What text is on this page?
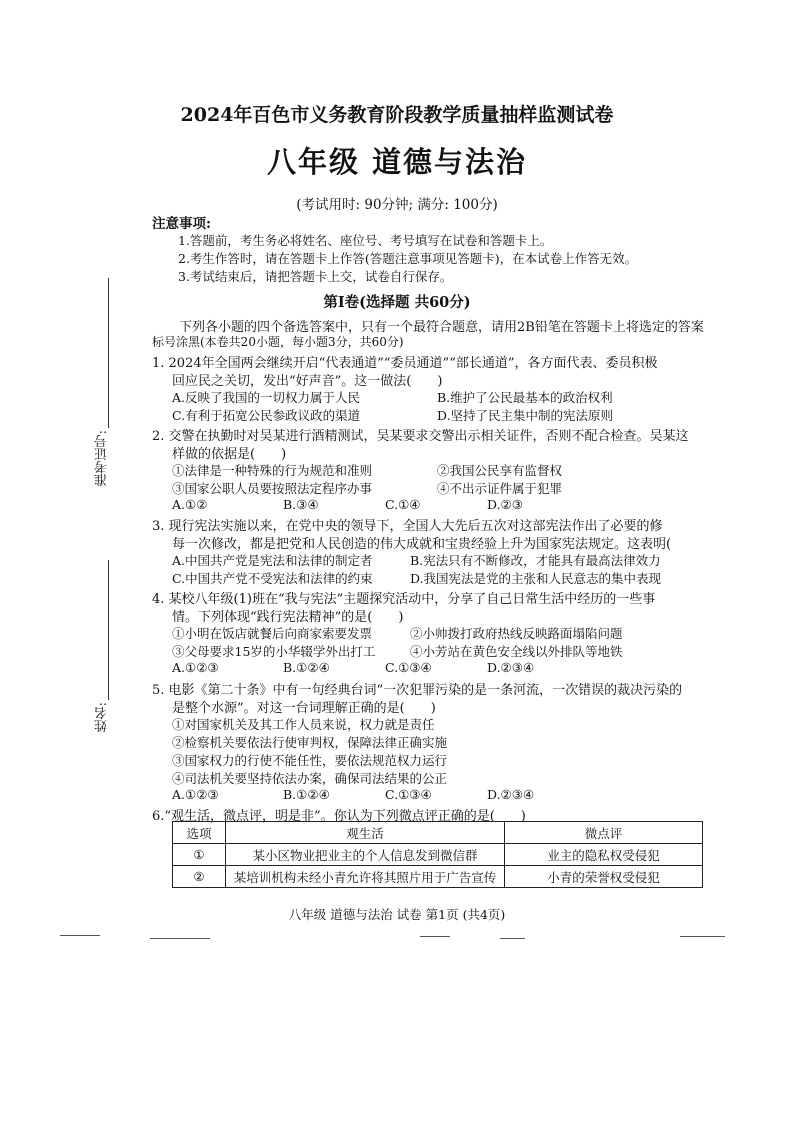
2024年百色市义务教育阶段教学质量抽样监测试卷
八年级 道德与法治
(考试用时: 90分钟; 满分: 100分)
注意事项:
1.答题前，考生务必将姓名、座位号、考号填写在试卷和答题卡上。
2.考生作答时，请在答题卡上作答(答题注意事项见答题卡)，在本试卷上作答无效。
3.考试结束后，请把答题卡上交，试卷自行保存。
准考证号:
姓名:
第Ⅰ卷(选择题 共60分)
下列各小题的四个备选答案中，只有一个最符合题意，请用2B铅笔在答题卡上将选定的答案
标号涂黑(本卷共20小题，每小题3分，共60分)
1. 2024年全国两会继续开启“代表通道”“委员通道”“部长通道”，各方面代表、委员积极
回应民之关切，发出“好声音”。这一做法(　　)
A.反映了我国的一切权力属于人民	B.维护了公民最基本的政治权利
C.有利于拓宽公民参政议政的渠道	D.坚持了民主集中制的宪法原则
2. 交警在执勤时对吴某进行酒精测试，吴某要求交警出示相关证件，否则不配合检查。吴某这
样做的依据是(　　)
①法律是一种特殊的行为规范和准则	②我国公民享有监督权
③国家公职人员要按照法定程序办事	④不出示证件属于犯罪
A.①②	B.③④	C.①④	D.②③
3. 现行宪法实施以来，在党中央的领导下，全国人大先后五次对这部宪法作出了必要的修
每一次修改，都是把党和人民创造的伟大成就和宝贵经验上升为国家宪法规定。这表明(
A.中国共产党是宪法和法律的制定者	B.宪法只有不断修改，才能具有最高法律效力
C.中国共产党不受宪法和法律的约束	D.我国宪法是党的主张和人民意志的集中表现
4. 某校八年级(1)班在“我与宪法”主题探究活动中，分享了自己日常生活中经历的一些事
情。下列体现“践行宪法精神”的是(　　)
①小明在饭店就餐后向商家索要发票	②小帅拨打政府热线反映路面塌陷问题
③父母要求15岁的小华辍学外出打工	④小芳站在黄色安全线以外排队等地铁
A.①②③	B.①②④	C.①③④	D.②③④
5. 电影《第二十条》中有一句经典台词“一次犯罪污染的是一条河流，一次错误的裁决污染的
是整个水源”。对这一台词理解正确的是(　　)
①对国家机关及其工作人员来说，权力就是责任
②检察机关要依法行使审判权，保障法律正确实施
③国家权力的行使不能任性，要依法规范权力运行
④司法机关要坚持依法办案，确保司法结果的公正
A.①②③	B.①②④	C.①③④	D.②③④
6.“观生活，微点评，明是非”。你认为下列微点评正确的是(　　)
选项	观生活	微点评
①	某小区物业把业主的个人信息发到微信群	业主的隐私权受侵犯
②	某培训机构未经小青允许将其照片用于广告宣传	小青的荣誉权受侵犯
八年级 道德与法治 试卷 第1页 (共4页)
